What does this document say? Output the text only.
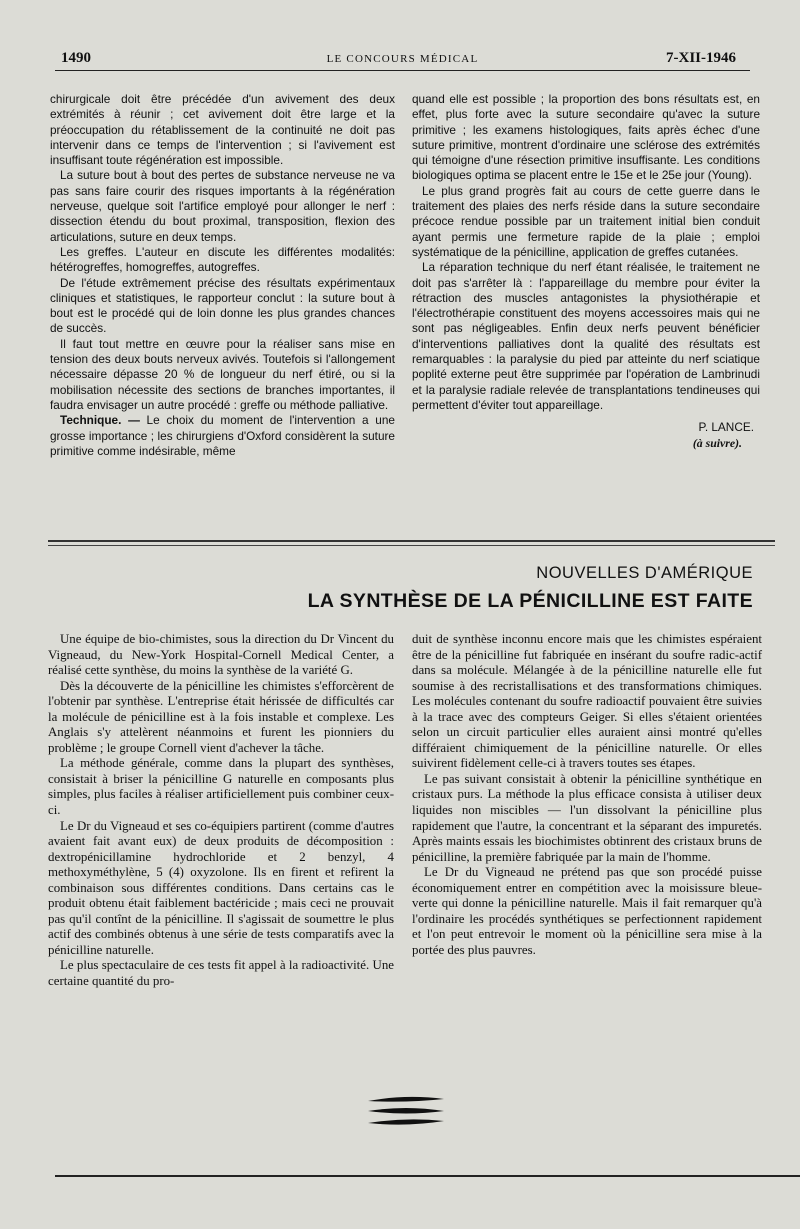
1490	LE CONCOURS MÉDICAL	7-XII-1946

chirurgicale doit être précédée d'un avivement des deux extrémités à réunir ; cet avivement doit être large et la préoccupation du rétablissement de la continuité ne doit pas intervenir dans ce temps de l'intervention ; si l'avivement est insuffisant toute régénération est impossible.

La suture bout à bout des pertes de substance nerveuse ne va pas sans faire courir des risques importants à la régénération nerveuse, quelque soit l'artifice employé pour allonger le nerf : dissection étendu du bout proximal, transposition, flexion des articulations, suture en deux temps.

Les greffes. L'auteur en discute les différentes modalités: hétérogreffes, homogreffes, autogreffes.

De l'étude extrêmement précise des résultats expérimentaux cliniques et statistiques, le rapporteur conclut : la suture bout à bout est le procédé qui de loin donne les plus grandes chances de succès.

Il faut tout mettre en œuvre pour la réaliser sans mise en tension des deux bouts nerveux avivés. Toutefois si l'allongement nécessaire dépasse 20 % de longueur du nerf étiré, ou si la mobilisation nécessite des sections de branches importantes, il faudra envisager un autre procédé : greffe ou méthode palliative.

Technique. — Le choix du moment de l'intervention a une grosse importance ; les chirurgiens d'Oxford considèrent la suture primitive comme indésirable, même

quand elle est possible ; la proportion des bons résultats est, en effet, plus forte avec la suture secondaire qu'avec la suture primitive ; les examens histologiques, faits après échec d'une suture primitive, montrent d'ordinaire une sclérose des extrémités qui témoigne d'une résection primitive insuffisante. Les conditions biologiques optima se placent entre le 15e et le 25e jour (Young).

Le plus grand progrès fait au cours de cette guerre dans le traitement des plaies des nerfs réside dans la suture secondaire précoce rendue possible par un traitement initial bien conduit ayant permis une fermeture rapide de la plaie ; emploi systématique de la pénicilline, application de greffes cutanées.

La réparation technique du nerf étant réalisée, le traitement ne doit pas s'arrêter là : l'appareillage du membre pour éviter la rétraction des muscles antagonistes la physiothérapie et l'électrothérapie constituent des moyens accessoires mais qui ne sont pas négligeables. Enfin deux nerfs peuvent bénéficier d'interventions palliatives dont la qualité des résultats est remarquables : la paralysie du pied par atteinte du nerf sciatique poplité externe peut être supprimée par l'opération de Lambrinudi et la paralysie radiale relevée de transplantations tendineuses qui permettent d'éviter tout appareillage.

P. LANCE.
(à suivre).
NOUVELLES D'AMÉRIQUE
LA SYNTHÈSE DE LA PÉNICILLINE EST FAITE

Une équipe de bio-chimistes, sous la direction du Dr Vincent du Vigneaud, du New-York Hospital-Cornell Medical Center, a réalisé cette synthèse, du moins la synthèse de la variété G.

Dès la découverte de la pénicilline les chimistes s'efforcèrent de l'obtenir par synthèse. L'entreprise était hérissée de difficultés car la molécule de pénicilline est à la fois instable et complexe. Les Anglais s'y attelèrent néanmoins et furent les pionniers du problème ; le groupe Cornell vient d'achever la tâche.

La méthode générale, comme dans la plupart des synthèses, consistait à briser la pénicilline G naturelle en composants plus simples, plus faciles à réaliser artificiellement puis combiner ceux-ci.

Le Dr du Vigneaud et ses co-équipiers partirent (comme d'autres avaient fait avant eux) de deux produits de décomposition : dextropénicillamine hydrochloride et 2 benzyl, 4 methoxyméthylène, 5 (4) oxyzolone. Ils en firent et refirent la combinaison sous différentes conditions. Dans certains cas le produit obtenu était faiblement bactéricide ; mais ceci ne prouvait pas qu'il contînt de la pénicilline. Il s'agissait de soumettre le plus actif des combinés obtenus à une série de tests comparatifs avec la pénicilline naturelle.

Le plus spectaculaire de ces tests fit appel à la radioactivité. Une certaine quantité du pro-

duit de synthèse inconnu encore mais que les chimistes espéraient être de la pénicilline fut fabriquée en insérant du soufre radic-actif dans sa molécule. Mélangée à de la pénicilline naturelle elle fut soumise à des recristallisations et des transformations chimiques. Les molécules contenant du soufre radioactif pouvaient être suivies à la trace avec des compteurs Geiger. Si elles s'étaient orientées selon un circuit particulier elles auraient ainsi montré qu'elles différaient chimiquement de la pénicilline naturelle. Or elles suivirent fidèlement celle-ci à travers toutes ses étapes.

Le pas suivant consistait à obtenir la pénicilline synthétique en cristaux purs. La méthode la plus efficace consista à utiliser deux liquides non miscibles — l'un dissolvant la pénicilline plus rapidement que l'autre, la concentrant et la séparant des impuretés. Après maints essais les biochimistes obtinrent des cristaux bruns de pénicilline, la première fabriquée par la main de l'homme.

Le Dr du Vigneaud ne prétend pas que son procédé puisse économiquement entrer en compétition avec la moisissure bleue-verte qui donne la pénicilline naturelle. Mais il fait remarquer qu'à l'ordinaire les procédés synthétiques se perfectionnent rapidement et l'on peut entrevoir le moment où la pénicilline sera mise à la portée des plus pauvres.
